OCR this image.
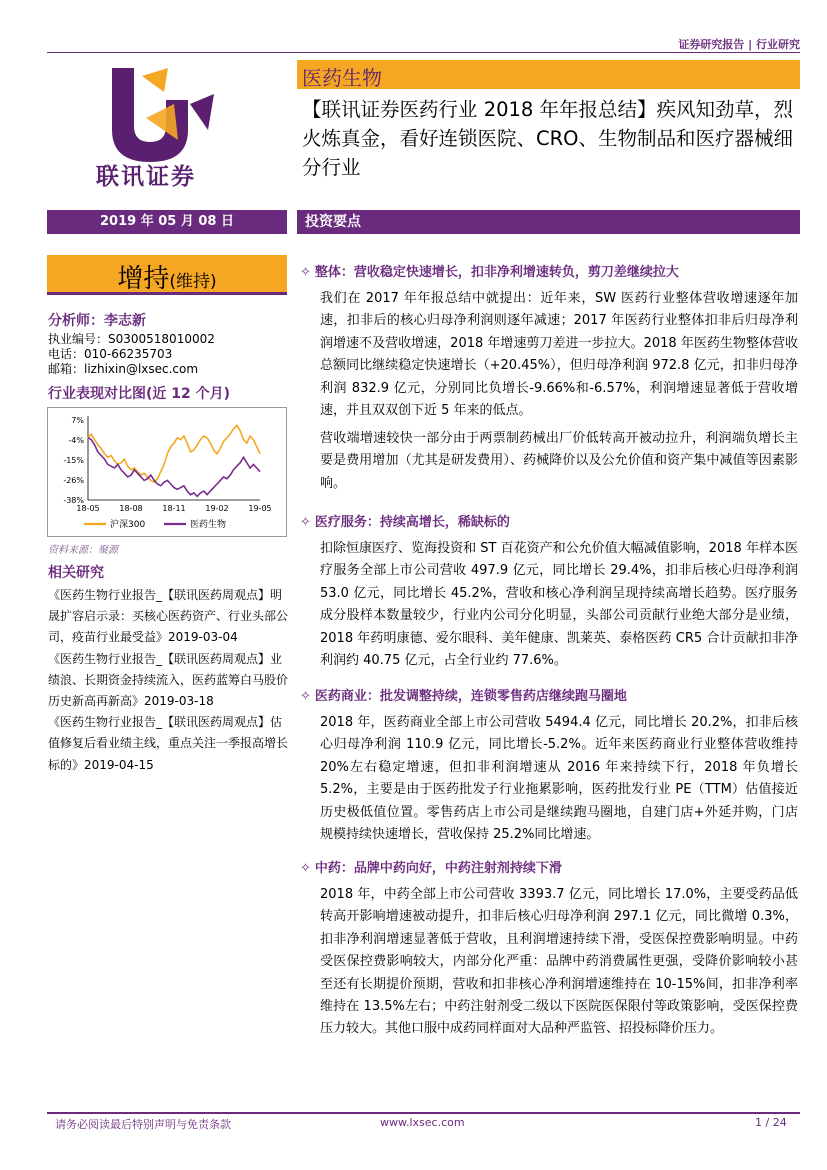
证券研究报告 | 行业研究
联讯证券
医药生物
【联讯证券医药行业 2018 年年报总结】疾风知劲草，烈火炼真金，看好连锁医院、CRO、生物制品和医疗器械细分行业
2019 年 05 月 08 日	投资要点
增持(维持)
分析师：李志新
执业编号：S0300518010002
电话：010-66235703
邮箱：lizhixin@lxsec.com
行业表现对比图(近 12 个月)
7%
-4%
-15%
-26%
-38%
18-05 18-08 18-11 19-02 19-05
沪深300	医药生物
资料来源：聚源
相关研究
《医药生物行业报告_【联讯医药周观点】明晟扩容启示录：买核心医药资产、行业头部公司，疫苗行业最受益》2019-03-04
《医药生物行业报告_【联讯医药周观点】业绩浪、长期资金持续流入，医药蓝筹白马股价历史新高再新高》2019-03-18
《医药生物行业报告_【联讯医药周观点】估值修复后看业绩主线，重点关注一季报高增长标的》2019-04-15
✧ 整体：营收稳定快速增长，扣非净利增速转负，剪刀差继续拉大
我们在 2017 年年报总结中就提出：近年来，SW 医药行业整体营收增速逐年加速，扣非后的核心归母净利润则逐年减速；2017 年医药行业整体扣非后归母净利润增速不及营收增速，2018 年增速剪刀差进一步拉大。2018 年医药生物整体营收总额同比继续稳定快速增长（+20.45%），但归母净利润 972.8 亿元，扣非归母净利润 832.9 亿元，分别同比负增长-9.66%和-6.57%，利润增速显著低于营收增速，并且双双创下近 5 年来的低点。
营收端增速较快一部分由于两票制药械出厂价低转高开被动拉升，利润端负增长主要是费用增加（尤其是研发费用）、药械降价以及公允价值和资产集中减值等因素影响。
✧ 医疗服务：持续高增长，稀缺标的
扣除恒康医疗、览海投资和 ST 百花资产和公允价值大幅减值影响，2018 年样本医疗服务全部上市公司营收 497.9 亿元，同比增长 29.4%，扣非后核心归母净利润 53.0 亿元，同比增长 45.2%，营收和核心净利润呈现持续高增长趋势。医疗服务成分股样本数量较少，行业内公司分化明显，头部公司贡献行业绝大部分是业绩，2018 年药明康德、爱尔眼科、美年健康、凯莱英、泰格医药 CR5 合计贡献扣非净利润约 40.75 亿元，占全行业约 77.6%。
✧ 医药商业：批发调整持续，连锁零售药店继续跑马圈地
2018 年，医药商业全部上市公司营收 5494.4 亿元，同比增长 20.2%，扣非后核心归母净利润 110.9 亿元，同比增长-5.2%。近年来医药商业行业整体营收维持 20%左右稳定增速，但扣非利润增速从 2016 年来持续下行，2018 年负增长 5.2%，主要是由于医药批发子行业拖累影响，医药批发行业 PE（TTM）估值接近历史极低值位置。零售药店上市公司是继续跑马圈地，自建门店+外延并购，门店规模持续快速增长，营收保持 25.2%同比增速。
✧ 中药：品牌中药向好，中药注射剂持续下滑
2018 年，中药全部上市公司营收 3393.7 亿元，同比增长 17.0%，主要受药品低转高开影响增速被动提升，扣非后核心归母净利润 297.1 亿元，同比微增 0.3%，扣非净利润增速显著低于营收，且利润增速持续下滑，受医保控费影响明显。中药受医保控费影响较大，内部分化严重：品牌中药消费属性更强，受降价影响较小甚至还有长期提价预期，营收和扣非核心净利润增速维持在 10-15%间，扣非净利率维持在 13.5%左右；中药注射剂受二级以下医院医保限付等政策影响，受医保控费压力较大。其他口服中成药同样面对大品种严监管、招投标降价压力。
请务必阅读最后特别声明与免责条款	www.lxsec.com	1 / 24
